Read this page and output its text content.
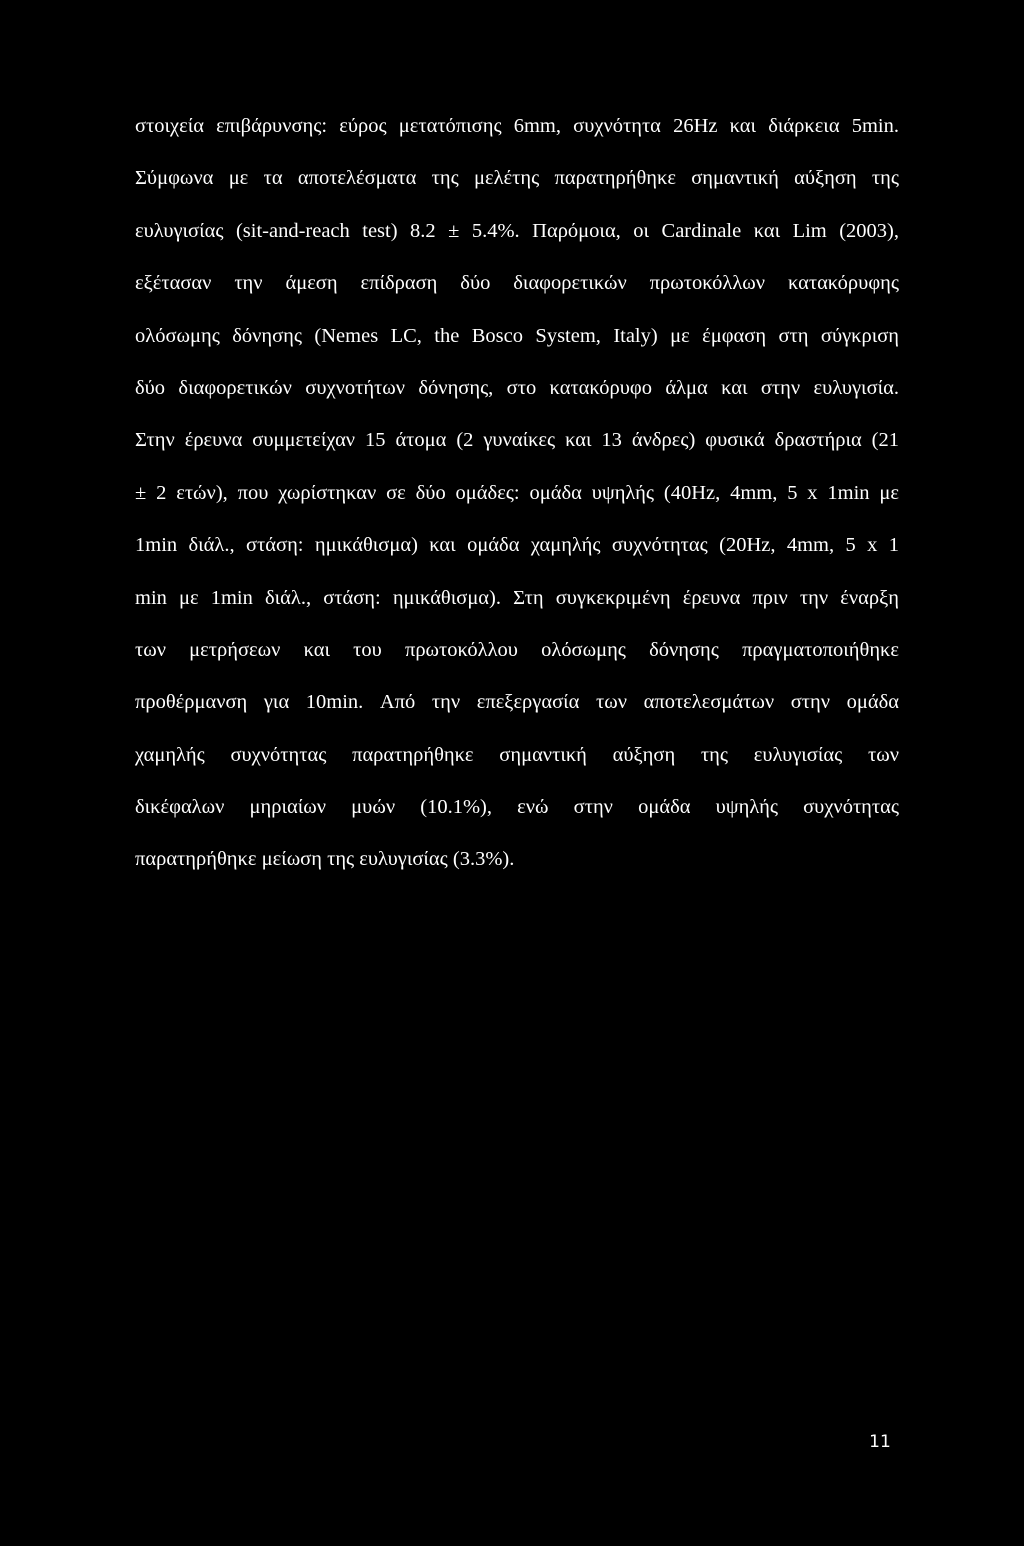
στοιχεία επιβάρυνσης: εύρος μετατόπισης 6mm, συχνότητα 26Hz και διάρκεια 5min.
Σύμφωνα με τα αποτελέσματα της μελέτης παρατηρήθηκε σημαντική αύξηση της
ευλυγισίας (sit-and-reach test) 8.2 ± 5.4%. Παρόμοια, οι Cardinale και Lim (2003),
εξέτασαν την άμεση επίδραση δύο διαφορετικών πρωτοκόλλων κατακόρυφης
ολόσωμης δόνησης (Nemes LC, the Bosco System, Italy) με έμφαση στη σύγκριση
δύο διαφορετικών συχνοτήτων δόνησης, στο κατακόρυφο άλμα και στην ευλυγισία.
Στην έρευνα συμμετείχαν 15 άτομα (2 γυναίκες και 13 άνδρες) φυσικά δραστήρια (21
± 2 ετών), που χωρίστηκαν σε δύο ομάδες: ομάδα υψηλής (40Hz, 4mm, 5 x 1min με
1min διάλ., στάση: ημικάθισμα) και ομάδα χαμηλής συχνότητας (20Hz, 4mm, 5 x 1
min με 1min διάλ., στάση: ημικάθισμα). Στη συγκεκριμένη έρευνα πριν την έναρξη
των μετρήσεων και του πρωτοκόλλου ολόσωμης δόνησης πραγματοποιήθηκε
προθέρμανση για 10min. Από την επεξεργασία των αποτελεσμάτων στην ομάδα
χαμηλής συχνότητας παρατηρήθηκε σημαντική αύξηση της ευλυγισίας των
δικέφαλων μηριαίων μυών (10.1%), ενώ στην ομάδα υψηλής συχνότητας
παρατηρήθηκε μείωση της ευλυγισίας (3.3%).
11
